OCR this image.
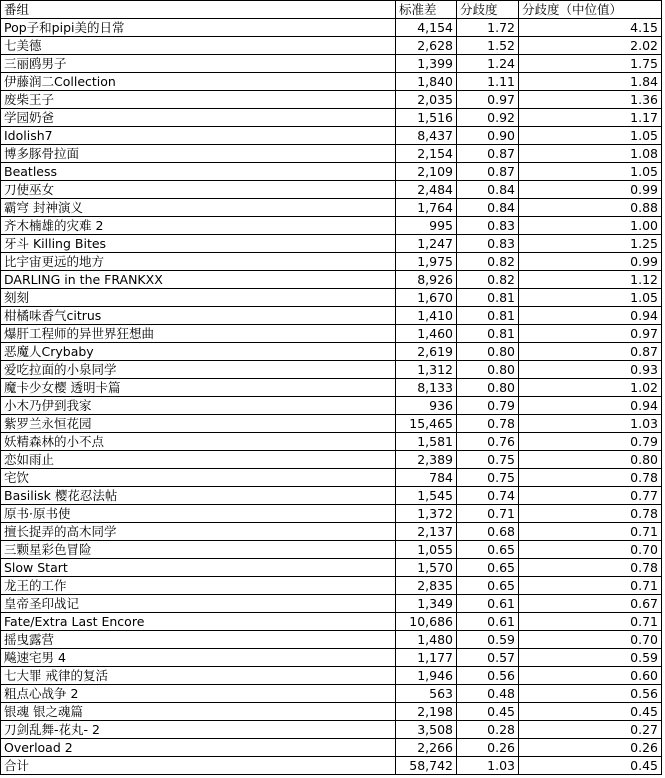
番组	标准差	分歧度	分歧度（中位值）
Pop子和pipi美的日常	4,154	1.72	4.15
七美德	2,628	1.52	2.02
三丽鸥男子	1,399	1.24	1.75
伊藤润二Collection	1,840	1.11	1.84
废柴王子	2,035	0.97	1.36
学园奶爸	1,516	0.92	1.17
Idolish7	8,437	0.90	1.05
博多豚骨拉面	2,154	0.87	1.08
Beatless	2,109	0.87	1.05
刀使巫女	2,484	0.84	0.99
霸穹 封神演义	1,764	0.84	0.88
齐木楠雄的灾难 2	995	0.83	1.00
牙斗 Killing Bites	1,247	0.83	1.25
比宇宙更远的地方	1,975	0.82	0.99
DARLING in the FRANKXX	8,926	0.82	1.12
刻刻	1,670	0.81	1.05
柑橘味香气citrus	1,410	0.81	0.94
爆肝工程师的异世界狂想曲	1,460	0.81	0.97
恶魔人Crybaby	2,619	0.80	0.87
爱吃拉面的小泉同学	1,312	0.80	0.93
魔卡少女樱 透明卡篇	8,133	0.80	1.02
小木乃伊到我家	936	0.79	0.94
紫罗兰永恒花园	15,465	0.78	1.03
妖精森林的小不点	1,581	0.76	0.79
恋如雨止	2,389	0.75	0.80
宅饮	784	0.75	0.78
Basilisk 樱花忍法帖	1,545	0.74	0.77
原书·原书使	1,372	0.71	0.78
擅长捉弄的高木同学	2,137	0.68	0.71
三颗星彩色冒险	1,055	0.65	0.70
Slow Start	1,570	0.65	0.78
龙王的工作	2,835	0.65	0.71
皇帝圣印战记	1,349	0.61	0.67
Fate/Extra Last Encore	10,686	0.61	0.71
摇曳露营	1,480	0.59	0.70
飚速宅男 4	1,177	0.57	0.59
七大罪 戒律的复活	1,946	0.56	0.60
粗点心战争 2	563	0.48	0.56
银魂 银之魂篇	2,198	0.45	0.45
刀剑乱舞-花丸- 2	3,508	0.28	0.27
Overload 2	2,266	0.26	0.26
合计	58,742	1.03	0.45
